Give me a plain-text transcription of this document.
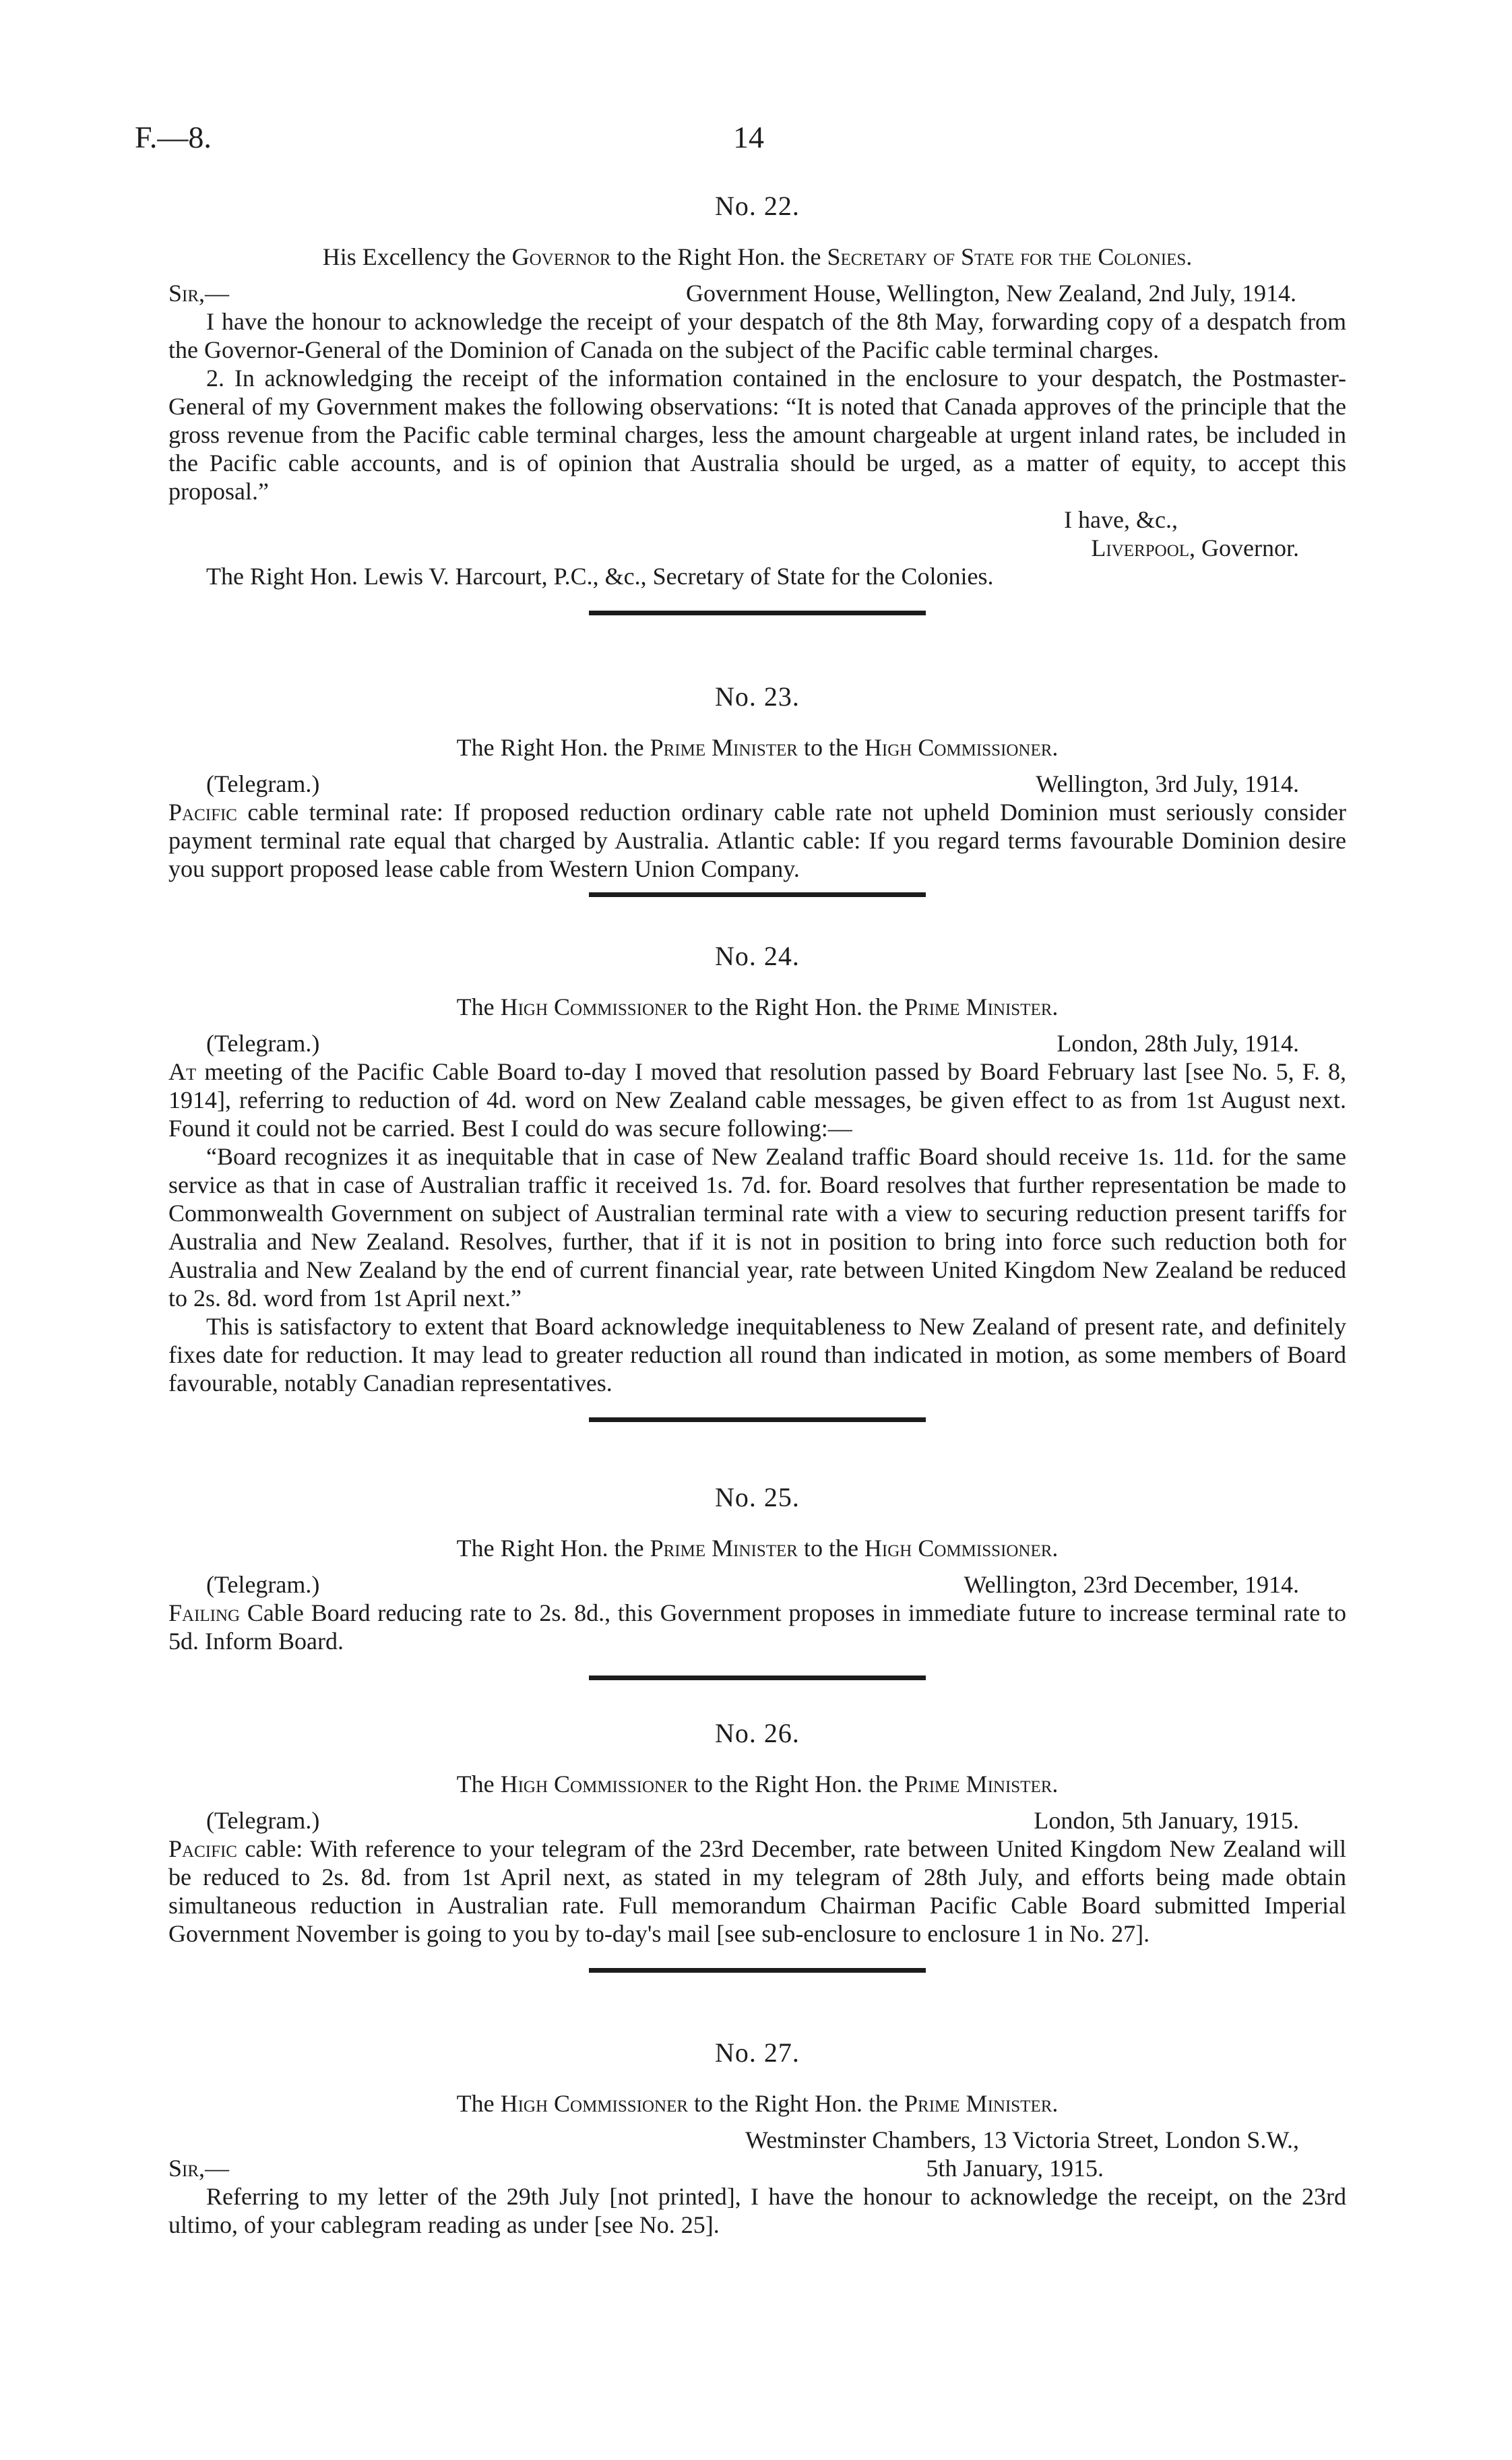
F.—8.	14
No. 22.
His Excellency the Governor to the Right Hon. the Secretary of State for the Colonies.
Sir,—	Government House, Wellington, New Zealand, 2nd July, 1914.

I have the honour to acknowledge the receipt of your despatch of the 8th May, forwarding copy of a despatch from the Governor-General of the Dominion of Canada on the subject of the Pacific cable terminal charges.

2. In acknowledging the receipt of the information contained in the enclosure to your despatch, the Postmaster-General of my Government makes the following observations: “It is noted that Canada approves of the principle that the gross revenue from the Pacific cable terminal charges, less the amount chargeable at urgent inland rates, be included in the Pacific cable accounts, and is of opinion that Australia should be urged, as a matter of equity, to accept this proposal.”

I have, &c.,

Liverpool, Governor.

The Right Hon. Lewis V. Harcourt, P.C., &c., Secretary of State for the Colonies.

No. 23.
The Right Hon. the Prime Minister to the High Commissioner.
(Telegram.)	Wellington, 3rd July, 1914.

Pacific cable terminal rate: If proposed reduction ordinary cable rate not upheld Dominion must seriously consider payment terminal rate equal that charged by Australia. Atlantic cable: If you regard terms favourable Dominion desire you support proposed lease cable from Western Union Company.

No. 24.
The High Commissioner to the Right Hon. the Prime Minister.
(Telegram.)	London, 28th July, 1914.

At meeting of the Pacific Cable Board to-day I moved that resolution passed by Board February last [see No. 5, F. 8, 1914], referring to reduction of 4d. word on New Zealand cable messages, be given effect to as from 1st August next. Found it could not be carried. Best I could do was secure following:—

“Board recognizes it as inequitable that in case of New Zealand traffic Board should receive 1s. 11d. for the same service as that in case of Australian traffic it received 1s. 7d. for. Board resolves that further representation be made to Commonwealth Government on subject of Australian terminal rate with a view to securing reduction present tariffs for Australia and New Zealand. Resolves, further, that if it is not in position to bring into force such reduction both for Australia and New Zealand by the end of current financial year, rate between United Kingdom New Zealand be reduced to 2s. 8d. word from 1st April next.”

This is satisfactory to extent that Board acknowledge inequitableness to New Zealand of present rate, and definitely fixes date for reduction. It may lead to greater reduction all round than indicated in motion, as some members of Board favourable, notably Canadian representatives.

No. 25.
The Right Hon. the Prime Minister to the High Commissioner.
(Telegram.)	Wellington, 23rd December, 1914.

Failing Cable Board reducing rate to 2s. 8d., this Government proposes in immediate future to increase terminal rate to 5d. Inform Board.

No. 26.
The High Commissioner to the Right Hon. the Prime Minister.
(Telegram.)	London, 5th January, 1915.

Pacific cable: With reference to your telegram of the 23rd December, rate between United Kingdom New Zealand will be reduced to 2s. 8d. from 1st April next, as stated in my telegram of 28th July, and efforts being made obtain simultaneous reduction in Australian rate. Full memorandum Chairman Pacific Cable Board submitted Imperial Government November is going to you by to-day's mail [see sub-enclosure to enclosure 1 in No. 27].

No. 27.
The High Commissioner to the Right Hon. the Prime Minister.

Westminster Chambers, 13 Victoria Street, London S.W.,

Sir,—	5th January, 1915.

Referring to my letter of the 29th July [not printed], I have the honour to acknowledge the receipt, on the 23rd ultimo, of your cablegram reading as under [see No. 25].
